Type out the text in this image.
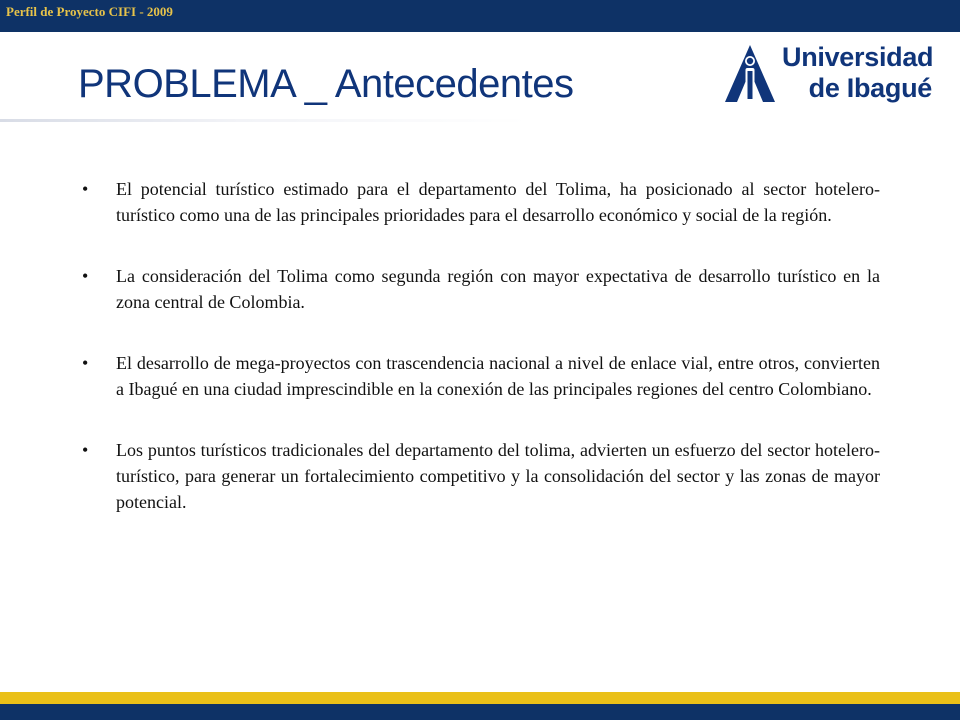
Perfil de Proyecto CIFI - 2009
PROBLEMA _ Antecedentes
Universidad
de Ibagué
• El potencial turístico estimado para el departamento del Tolima, ha posicionado al sector hotelero-turístico como una de las principales prioridades para el desarrollo económico y social de la región.
• La consideración del Tolima como segunda región con mayor expectativa de desarrollo turístico en la zona central de Colombia.
• El desarrollo de mega-proyectos con trascendencia nacional a nivel de enlace vial, entre otros, convierten a Ibagué en una ciudad imprescindible en la conexión de las principales regiones del centro Colombiano.
• Los puntos turísticos tradicionales del departamento del tolima, advierten un esfuerzo del sector hotelero-turístico, para generar un fortalecimiento competitivo y la consolidación del sector y las zonas de mayor potencial.
